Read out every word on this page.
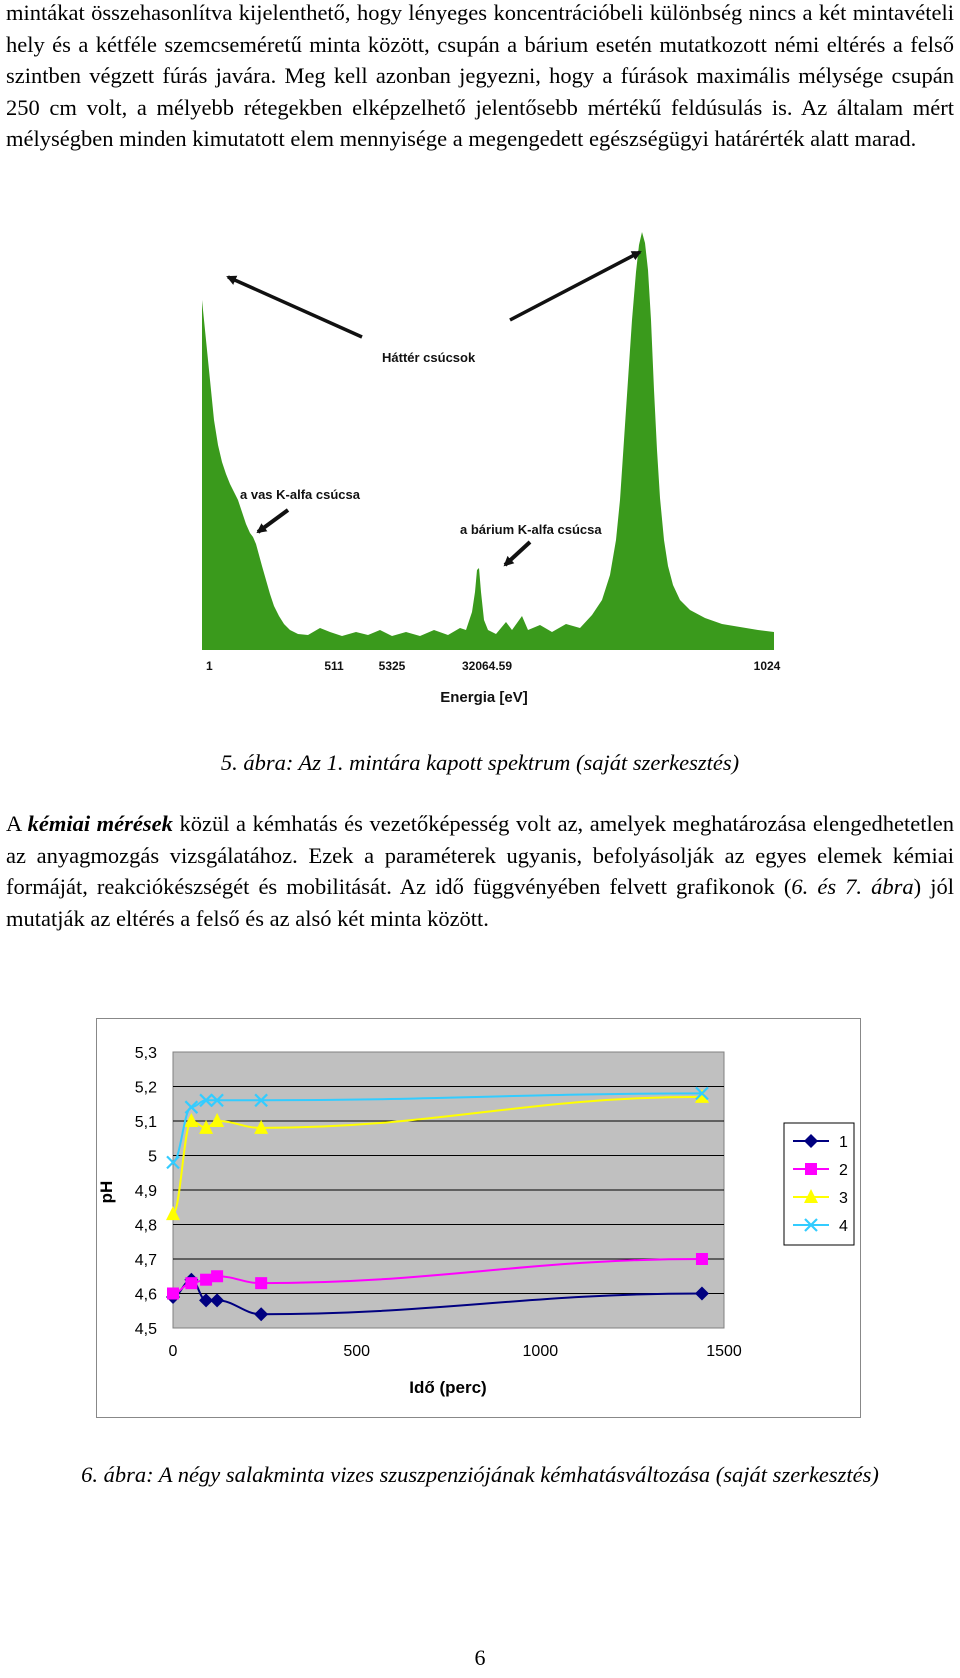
mintákat összehasonlítva kijelenthető, hogy lényeges koncentrációbeli különbség nincs a két mintavételi hely és a kétféle szemcseméretű minta között, csupán a bárium esetén mutatkozott némi eltérés a felső szintben végzett fúrás javára. Meg kell azonban jegyezni, hogy a fúrások maximális mélysége csupán 250 cm volt, a mélyebb rétegekben elképzelhető jelentősebb mértékű feldúsulás is. Az általam mért mélységben minden kimutatott elem mennyisége a megengedett egészségügyi határérték alatt marad.

Háttér csúcsok
a vas K-alfa csúcsa
a bárium K-alfa csúcsa
1	511	5325	32064.59	1024
Energia [eV]

5. ábra: Az 1. mintára kapott spektrum (saját szerkesztés)

A kémiai mérések közül a kémhatás és vezetőképesség volt az, amelyek meghatározása elengedhetetlen az anyagmozgás vizsgálatához. Ezek a paraméterek ugyanis, befolyásolják az egyes elemek kémiai formáját, reakciókészségét és mobilitását. Az idő függvényében felvett grafikonok (6. és 7. ábra) jól mutatják az eltérés a felső és az alsó két minta között.

5,3
5,2
5,1
5
4,9
4,8
4,7
4,6
4,5
0	500	1000	1500
pH
Idő (perc)
1
2
3
4

6. ábra: A négy salakminta vizes szuszpenziójának kémhatásváltozása (saját szerkesztés)

6
